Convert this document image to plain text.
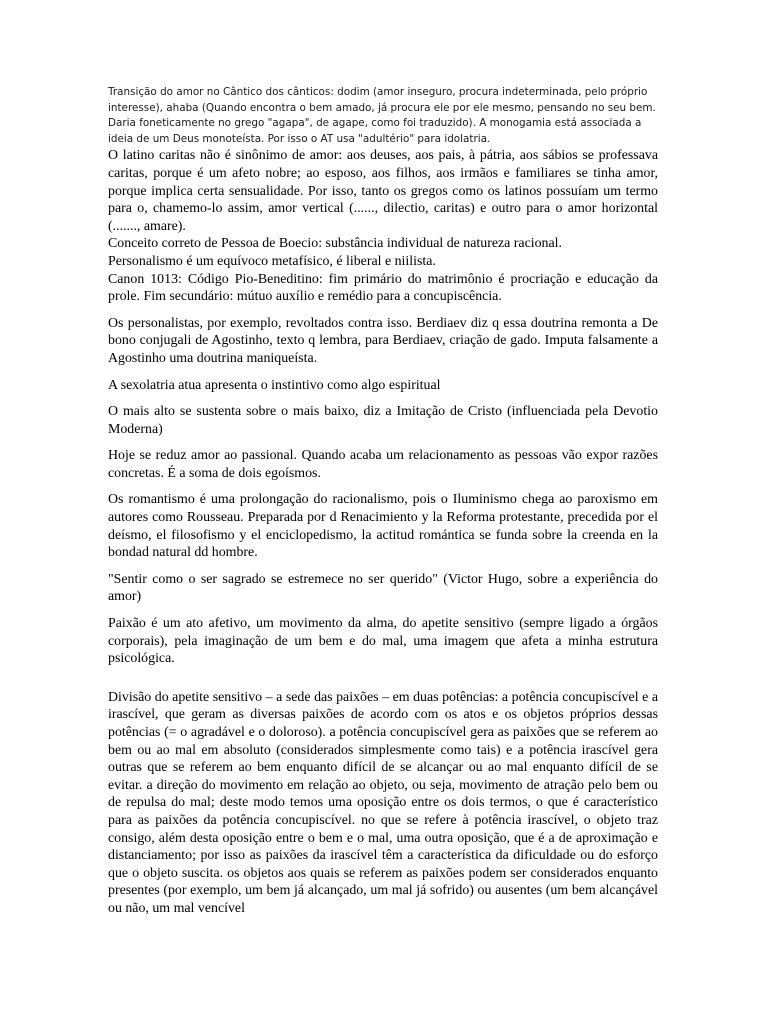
Transição do amor no Cântico dos cânticos: dodim (amor inseguro, procura indeterminada, pelo próprio interesse), ahaba (Quando encontra o bem amado, já procura ele por ele mesmo, pensando no seu bem. Daria foneticamente no grego "agapa", de agape, como foi traduzido). A monogamia está associada a ideia de um Deus monoteísta. Por isso o AT usa "adultério" para idolatria.

O latino caritas não é sinônimo de amor: aos deuses, aos pais, à pátria, aos sábios se professava caritas, porque é um afeto nobre; ao esposo, aos filhos, aos irmãos e familiares se tinha amor, porque implica certa sensualidade. Por isso, tanto os gregos como os latinos possuíam um termo para o, chamemo-lo assim, amor vertical (......, dilectio, caritas) e outro para o amor horizontal (......., amare).

Conceito correto de Pessoa de Boecio: substância individual de natureza racional.

Personalismo é um equívoco metafísico, é liberal e niilista.

Canon 1013: Código Pio-Beneditino: fim primário do matrimônio é procriação e educação da prole. Fim secundário: mútuo auxílio e remédio para a concupiscência.

Os personalistas, por exemplo, revoltados contra isso. Berdiaev diz q essa doutrina remonta a De bono conjugali de Agostinho, texto q lembra, para Berdiaev, criação de gado. Imputa falsamente a Agostinho uma doutrina maniqueísta.

A sexolatria atua apresenta o instintivo como algo espiritual

O mais alto se sustenta sobre o mais baixo, diz a Imitação de Cristo (influenciada pela Devotio Moderna)

Hoje se reduz amor ao passional. Quando acaba um relacionamento as pessoas vão expor razões concretas. É a soma de dois egoísmos.

Os romantismo é uma prolongação do racionalismo, pois o Iluminismo chega ao paroxismo em autores como Rousseau. Preparada por d Renacimiento y la Reforma protestante, precedida por el deísmo, el filosofismo y el enciclopedismo, la actitud romántica se funda sobre la creenda en la bondad natural dd hombre.

"Sentir como o ser sagrado se estremece no ser querido" (Victor Hugo, sobre a experiência do amor)

Paixão é um ato afetivo, um movimento da alma, do apetite sensitivo (sempre ligado a órgãos corporais), pela imaginação de um bem e do mal, uma imagem que afeta a minha estrutura psicológica.

Divisão do apetite sensitivo – a sede das paixões – em duas potências: a potência concupiscível e a irascível, que geram as diversas paixões de acordo com os atos e os objetos próprios dessas potências (= o agradável e o doloroso). a potência concupiscível gera as paixões que se referem ao bem ou ao mal em absoluto (considerados simplesmente como tais) e a potência irascível gera outras que se referem ao bem enquanto difícil de se alcançar ou ao mal enquanto difícil de se evitar. a direção do movimento em relação ao objeto, ou seja, movimento de atração pelo bem ou de repulsa do mal; deste modo temos uma oposição entre os dois termos, o que é característico para as paixões da potência concupiscível. no que se refere à potência irascível, o objeto traz consigo, além desta oposição entre o bem e o mal, uma outra oposição, que é a de aproximação e distanciamento; por isso as paixões da irascível têm a característica da dificuldade ou do esforço que o objeto suscita. os objetos aos quais se referem as paixões podem ser considerados enquanto presentes (por exemplo, um bem já alcançado, um mal já sofrido) ou ausentes (um bem alcançável ou não, um mal vencível
